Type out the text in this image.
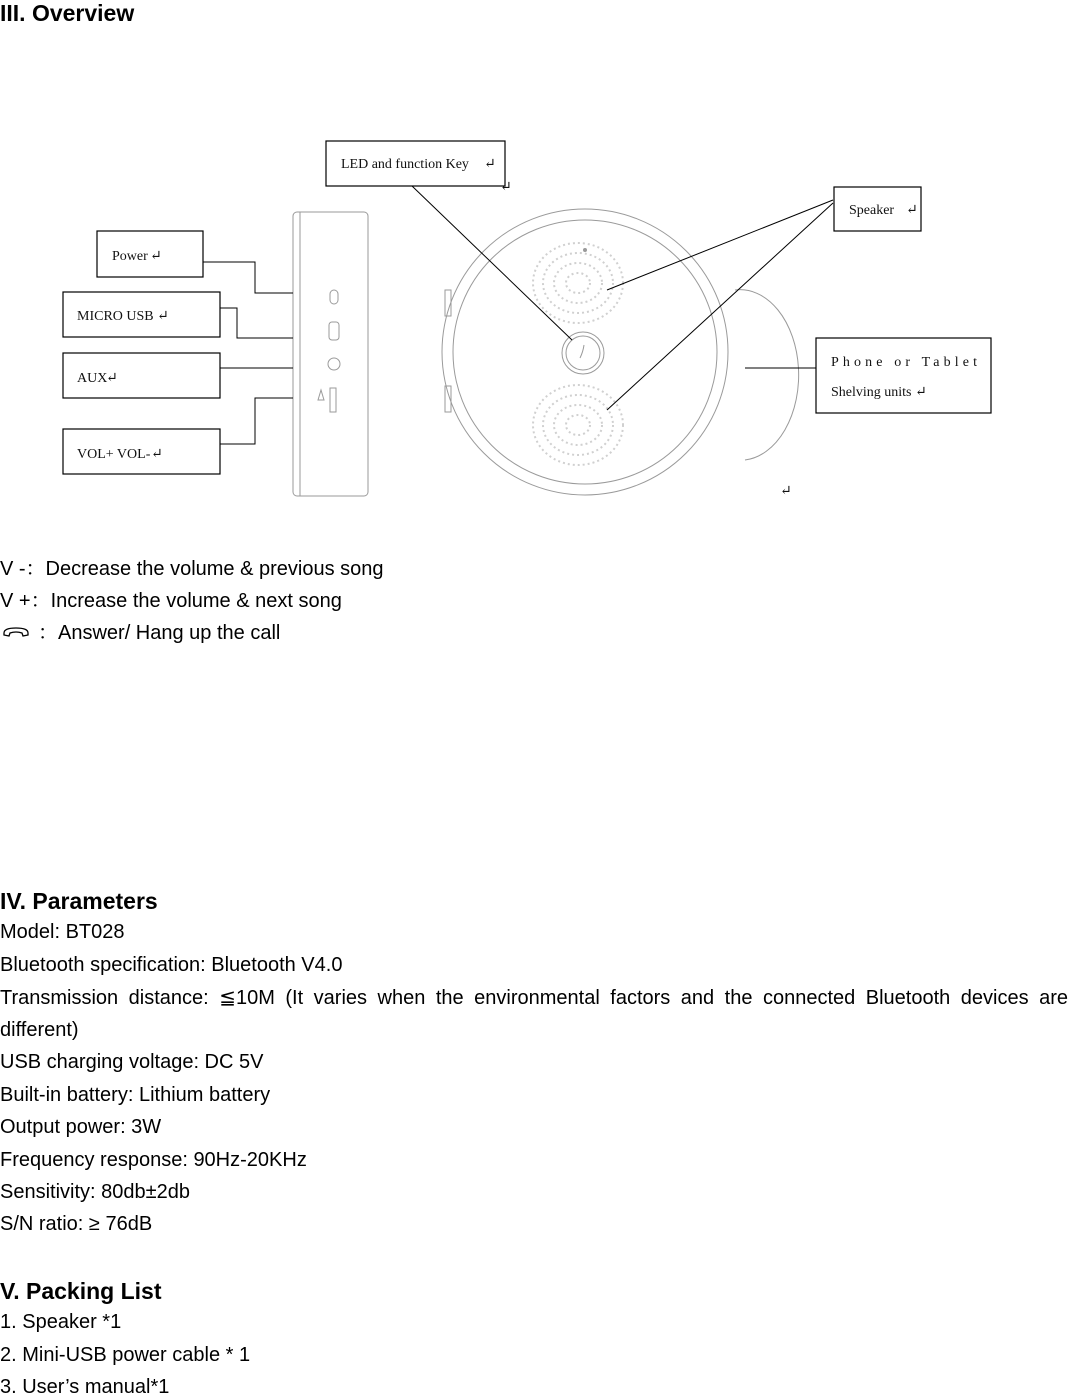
III. Overview
LED and function Key ↵
↵
Speaker ↵
Power ↵
MICRO USB ↵
AUX
↵
VOL+ VOL- ↵
Phone or Tablet
Shelving units ↵
↵
V -：Decrease the volume & previous song
V +：Increase the volume & next song
：Answer/ Hang up the call
IV. Parameters
Model: BT028
Bluetooth specification: Bluetooth V4.0
Transmission distance: ≦10M (It varies when the environmental factors and the connected Bluetooth devices are different)
USB charging voltage: DC 5V
Built-in battery: Lithium battery
Output power: 3W
Frequency response: 90Hz-20KHz
Sensitivity: 80db±2db
S/N ratio: ≥ 76dB
V. Packing List
1. Speaker *1
2. Mini-USB power cable * 1
3. User’s manual*1
